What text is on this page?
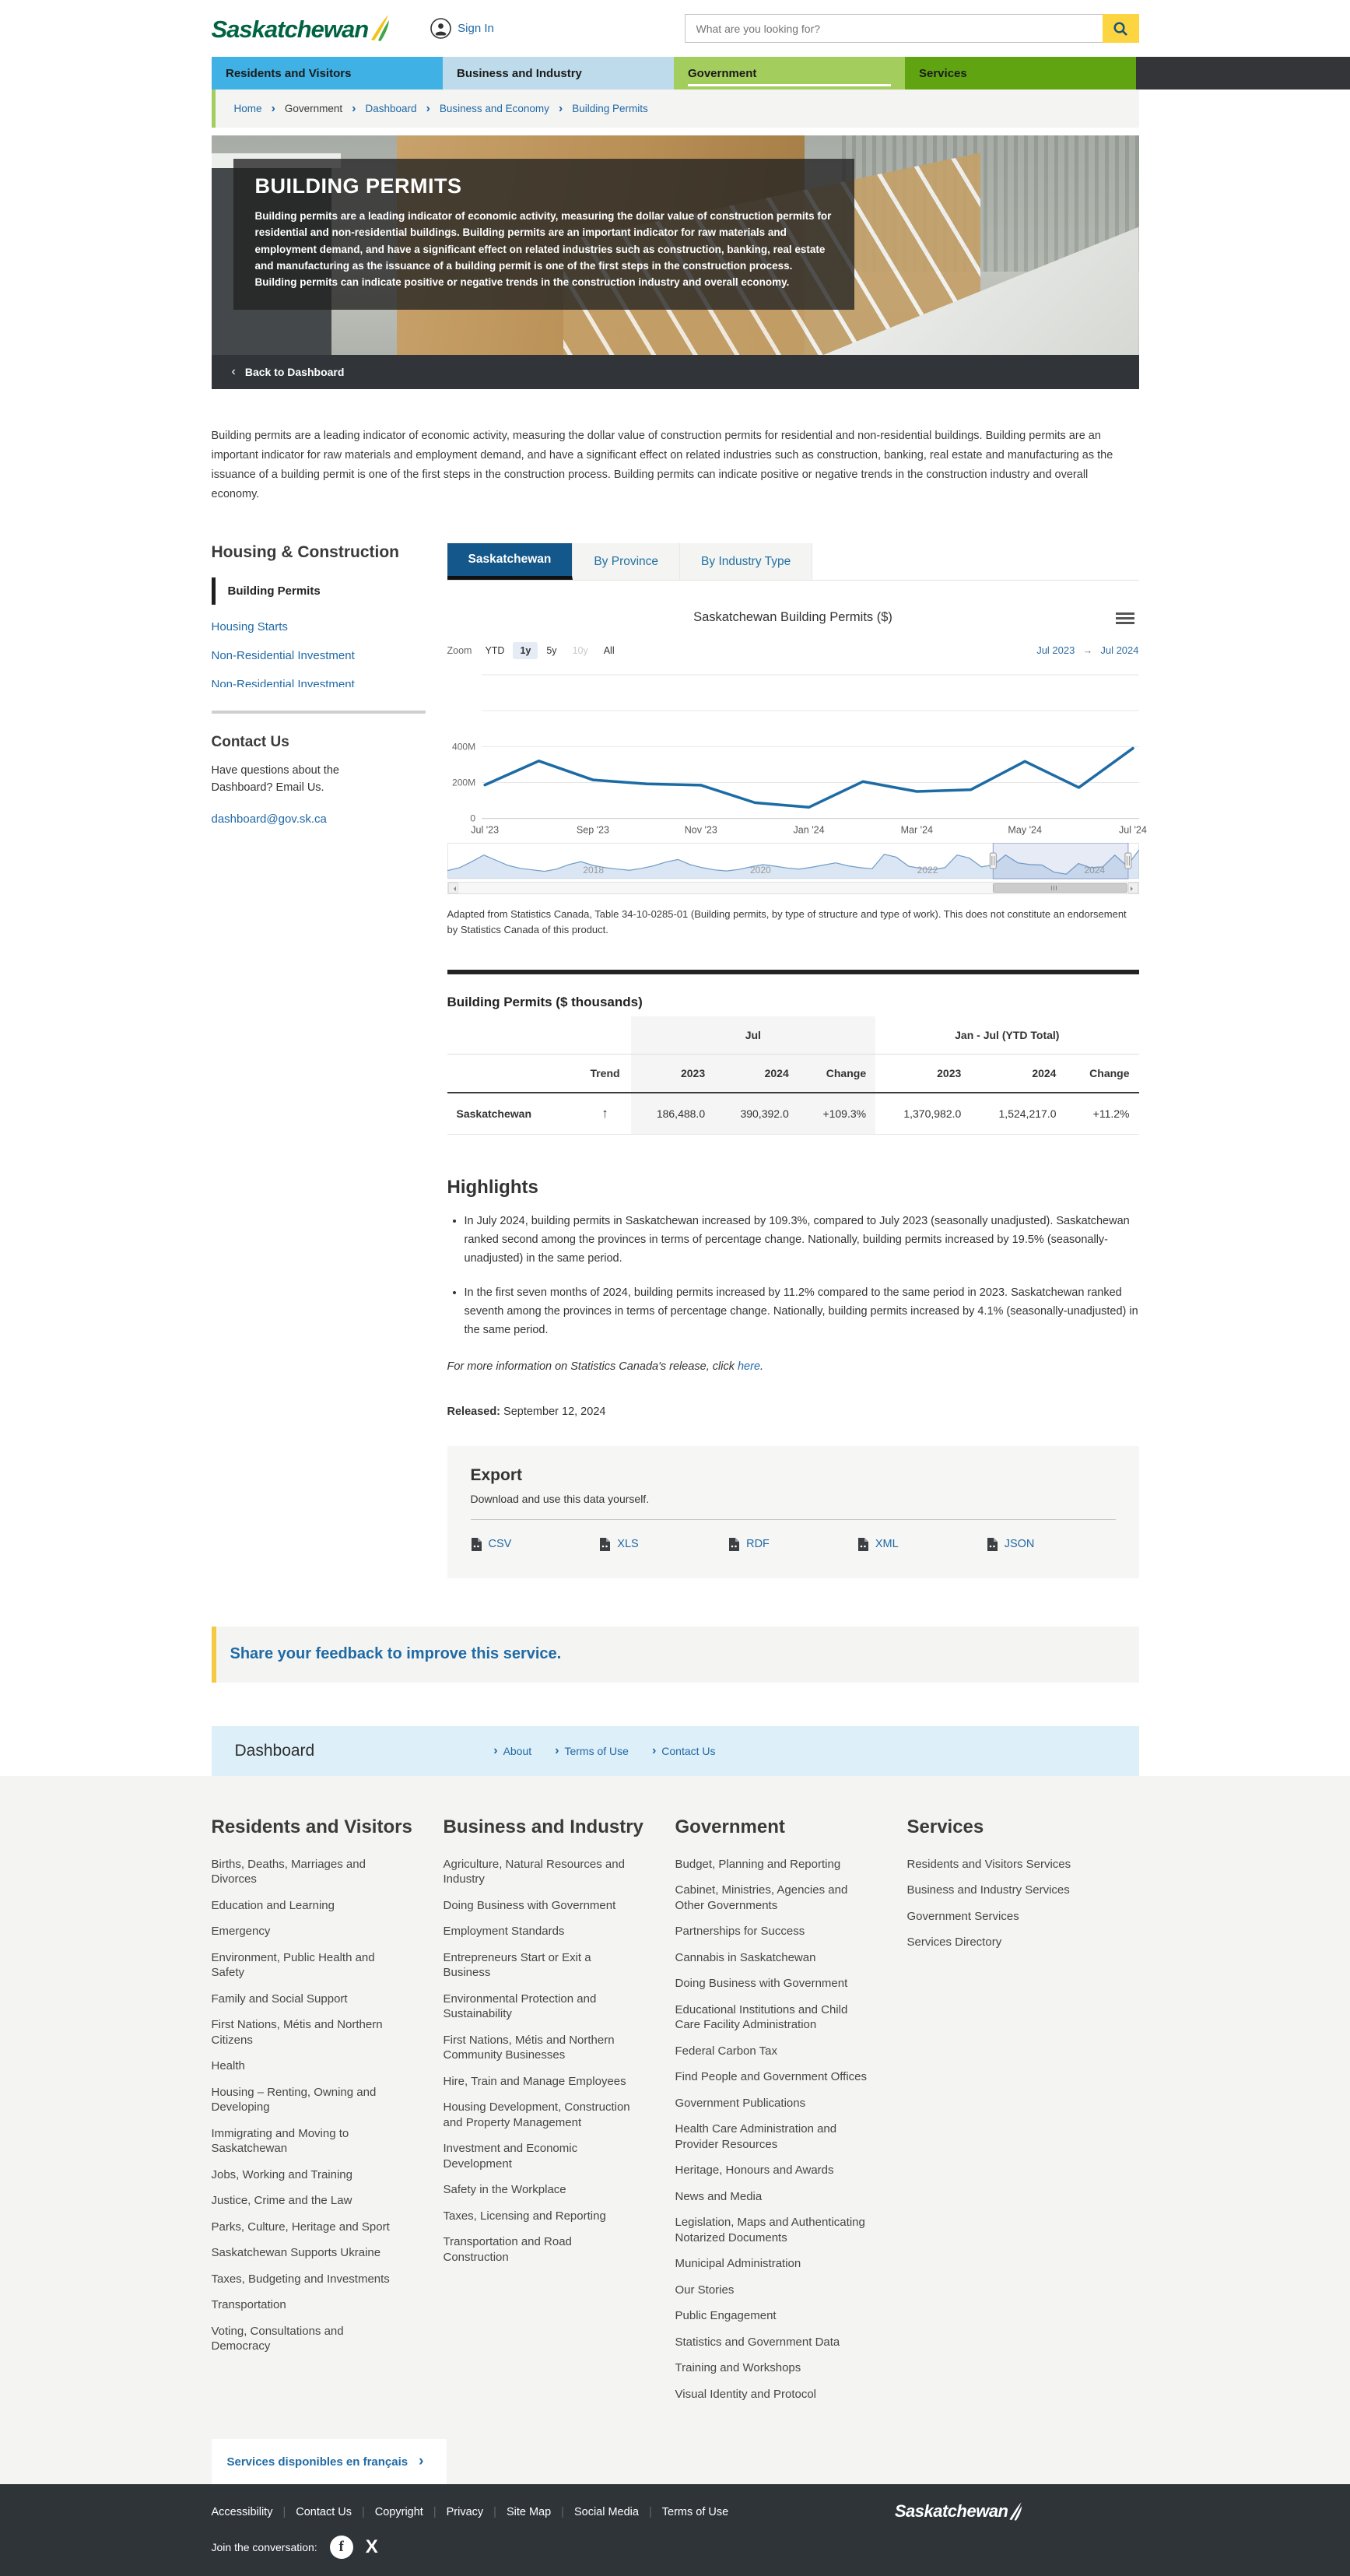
Saskatchewan	Sign In
What are you looking for?
Residents and Visitors	Business and Industry	Government	Services
Home › Government › Dashboard › Business and Economy › Building Permits
BUILDING PERMITS

Building permits are a leading indicator of economic activity, measuring the dollar value of construction permits for residential and non-residential buildings. Building permits are an important indicator for raw materials and employment demand, and have a significant effect on related industries such as construction, banking, real estate and manufacturing as the issuance of a building permit is one of the first steps in the construction process. Building permits can indicate positive or negative trends in the construction industry and overall economy.

‹ Back to Dashboard

Building permits are a leading indicator of economic activity, measuring the dollar value of construction permits for residential and non-residential buildings. Building permits are an important indicator for raw materials and employment demand, and have a significant effect on related industries such as construction, banking, real estate and manufacturing as the issuance of a building permit is one of the first steps in the construction process. Building permits can indicate positive or negative trends in the construction industry and overall economy.

Housing & Construction
Building Permits
Housing Starts
Non-Residential Investment
Non-Residential Investment
Contact Us

Have questions about the Dashboard? Email Us.

dashboard@gov.sk.ca
Saskatchewan	By Province	By Industry Type
Saskatchewan Building Permits ($)
Zoom	YTD	1y	5y	10y	All	Jul 2023 → Jul 2024
0
200M
400M
Jul '23	Sep '23	Nov '23	Jan '24	Mar '24	May '24	Jul '24
2018	2020	2022

Adapted from Statistics Canada, Table 34-10-0285-01 (Building permits, by type of structure and type of work). This does not constitute an endorsement by Statistics Canada of this product.

Building Permits ($ thousands)
		Jul			Jan - Jul (YTD Total)		
	Trend	2023	2024	Change	2023	2024	Change
Saskatchewan	↑	186,488.0	390,392.0	+109.3%	1,370,982.0	1,524,217.0	+11.2%
Highlights
• In July 2024, building permits in Saskatchewan increased by 109.3%, compared to July 2023 (seasonally unadjusted). Saskatchewan ranked second among the provinces in terms of percentage change. Nationally, building permits increased by 19.5% (seasonally-unadjusted) in the same period.
• In the first seven months of 2024, building permits increased by 11.2% compared to the same period in 2023. Saskatchewan ranked seventh among the provinces in terms of percentage change. Nationally, building permits increased by 4.1% (seasonally-unadjusted) in the same period.

For more information on Statistics Canada's release, click here.

Released: September 12, 2024

Export

Download and use this data yourself.

CSV	XLS	RDF	XML	JSON
Share your feedback to improve this service.
Dashboard	› About › Terms of Use › Contact Us
Residents and Visitors
Births, Deaths, Marriages and Divorces
Education and Learning
Emergency
Environment, Public Health and Safety
Family and Social Support
First Nations, Métis and Northern Citizens
Health
Housing – Renting, Owning and Developing
Immigrating and Moving to Saskatchewan
Jobs, Working and Training
Justice, Crime and the Law
Parks, Culture, Heritage and Sport
Saskatchewan Supports Ukraine
Taxes, Budgeting and Investments
Transportation
Voting, Consultations and Democracy
Business and Industry
Agriculture, Natural Resources and Industry
Doing Business with Government
Employment Standards
Entrepreneurs Start or Exit a Business
Environmental Protection and Sustainability
First Nations, Métis and Northern Community Businesses
Hire, Train and Manage Employees
Housing Development, Construction and Property Management
Investment and Economic Development
Safety in the Workplace
Taxes, Licensing and Reporting
Transportation and Road Construction
Government
Budget, Planning and Reporting
Cabinet, Ministries, Agencies and Other Governments
Partnerships for Success
Cannabis in Saskatchewan
Doing Business with Government
Educational Institutions and Child Care Facility Administration
Federal Carbon Tax
Find People and Government Offices
Government Publications
Health Care Administration and Provider Resources
Heritage, Honours and Awards
News and Media
Legislation, Maps and Authenticating Notarized Documents
Municipal Administration
Our Stories
Public Engagement
Statistics and Government Data
Training and Workshops
Visual Identity and Protocol
Services
Residents and Visitors Services
Business and Industry Services
Government Services
Services Directory
Services disponibles en français ›
Accessibility | Contact Us | Copyright | Privacy | Site Map | Social Media | Terms of Use	Saskatchewan
Join the conversation:	f	X
